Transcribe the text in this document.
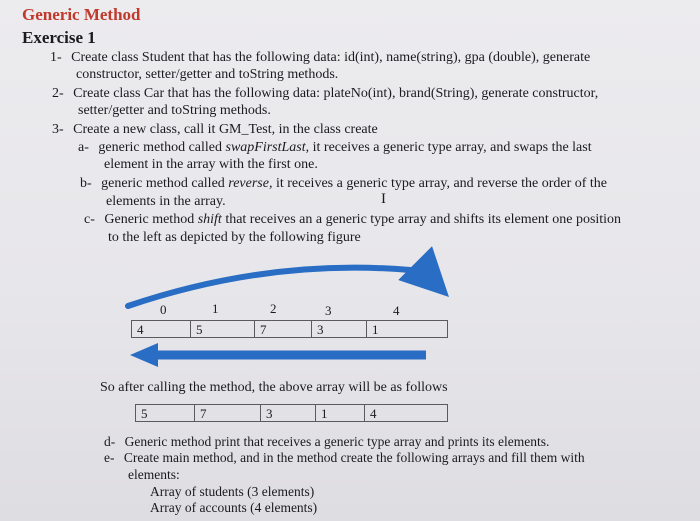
Generic Method
Exercise 1
1- Create class Student that has the following data: id(int), name(string), gpa (double), generate
constructor, setter/getter and toString methods.
2- Create class Car that has the following data: plateNo(int), brand(String), generate constructor,
setter/getter and toString methods.
3- Create a new class, call it GM_Test, in the class create
a- generic method called swapFirstLast, it receives a generic type array, and swaps the last
element in the array with the first one.
b- generic method called reverse, it receives a generic type array, and reverse the order of the
elements in the array.	I
c- Generic method shift that receives an a generic type array and shifts its element one position
to the left as depicted by the following figure
0	1	2	3	4
4	5	7	3	1
So after calling the method, the above array will be as follows
5	7	3	1	4
d- Generic method print that receives a generic type array and prints its elements.
e- Create main method, and in the method create the following arrays and fill them with
elements:
Array of students (3 elements)
Array of accounts (4 elements)
